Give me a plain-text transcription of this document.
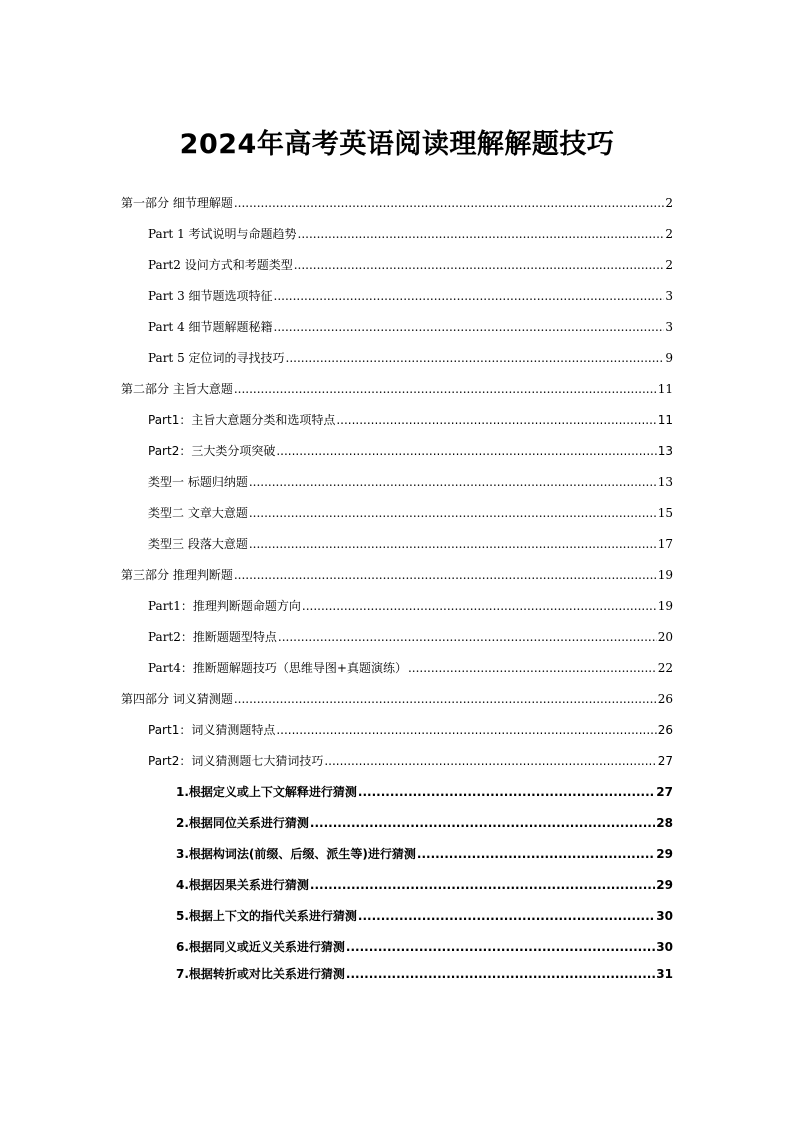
2024年高考英语阅读理解解题技巧
第一部分 细节理解题 .....	2
Part 1 考试说明与命题趋势 .....	2
Part2 设问方式和考题类型 .....	2
Part 3 细节题选项特征 .....	3
Part 4 细节题解题秘籍 .....	3
Part 5 定位词的寻找技巧 .....	9
第二部分 主旨大意题 .....	11
Part1：主旨大意题分类和选项特点 .....	11
Part2：三大类分项突破 .....	13
类型一 标题归纳题 .....	13
类型二 文章大意题 .....	15
类型三 段落大意题 .....	17
第三部分 推理判断题 .....	19
Part1：推理判断题命题方向 .....	19
Part2：推断题题型特点 .....	20
Part4：推断题解题技巧（思维导图+真题演练） .....	22
第四部分 词义猜测题 .....	26
Part1：词义猜测题特点 .....	26
Part2：词义猜测题七大猜词技巧 .....	27
1.根据定义或上下文解释进行猜测 .....	27
2.根据同位关系进行猜测 .....	28
3.根据构词法(前缀、后缀、派生等)进行猜测 .....	29
4.根据因果关系进行猜测 .....	29
5.根据上下文的指代关系进行猜测 .....	30
6.根据同义或近义关系进行猜测 .....	30
7.根据转折或对比关系进行猜测 .....	31
